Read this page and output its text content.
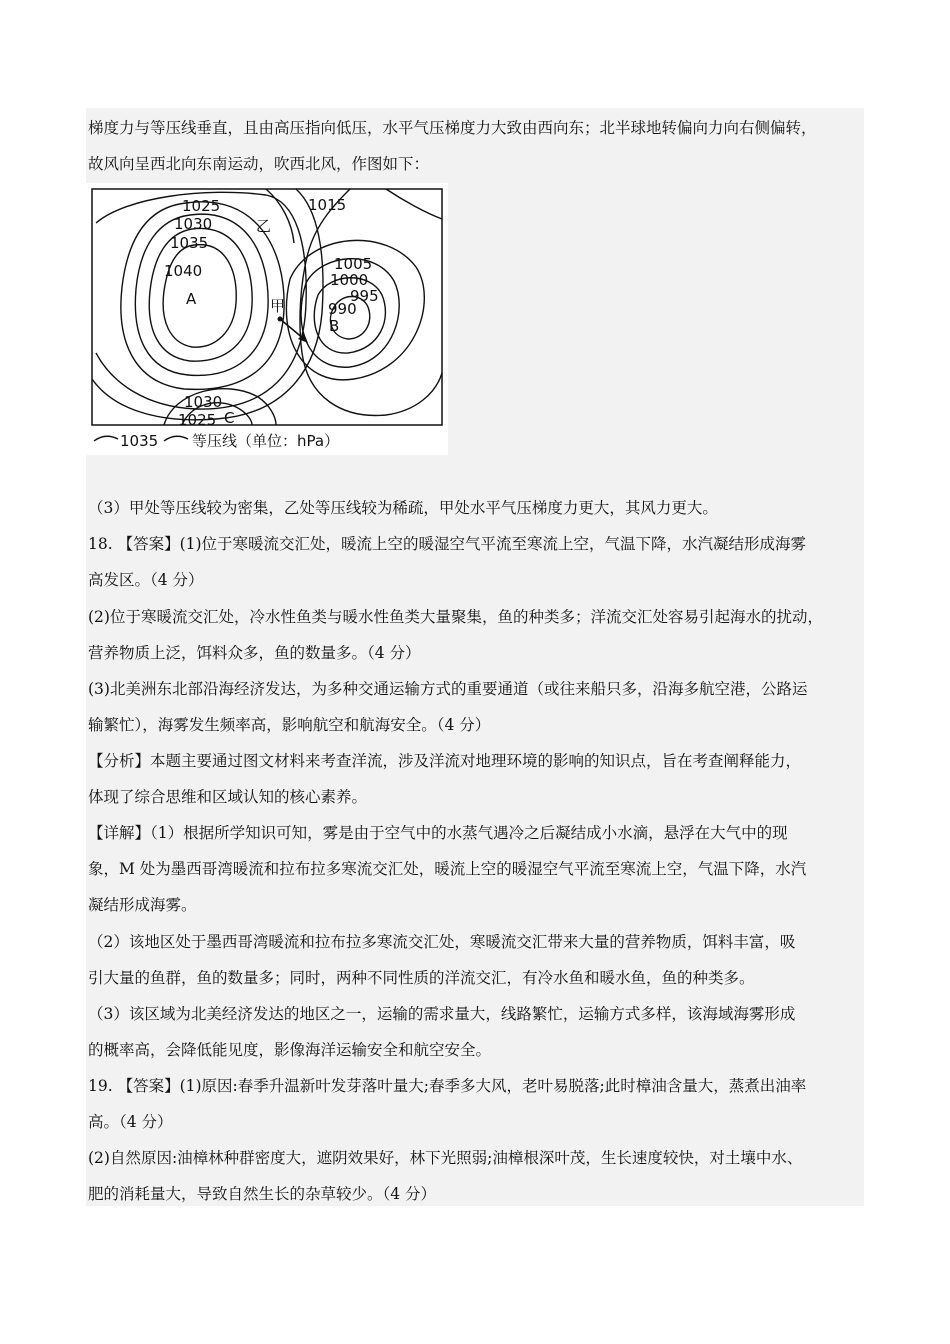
梯度力与等压线垂直，且由高压指向低压，水平气压梯度力大致由西向东；北半球地转偏向力向右侧偏转，
故风向呈西北向东南运动，吹西北风，作图如下：
1025
1030
1035
1040
1015
1005
1000
995
990
1030
1025
A
B
C
乙
甲
1035 等压线（单位：hPa）
（3）甲处等压线较为密集，乙处等压线较为稀疏，甲处水平气压梯度力更大，其风力更大。
18. 【答案】(1)位于寒暖流交汇处，暖流上空的暖湿空气平流至寒流上空，气温下降，水汽凝结形成海雾
高发区。（4 分）
(2)位于寒暖流交汇处，冷水性鱼类与暖水性鱼类大量聚集，鱼的种类多；洋流交汇处容易引起海水的扰动，
营养物质上泛，饵料众多，鱼的数量多。（4 分）
(3)北美洲东北部沿海经济发达，为多种交通运输方式的重要通道（或往来船只多，沿海多航空港，公路运
输繁忙），海雾发生频率高，影响航空和航海安全。（4 分）
【分析】本题主要通过图文材料来考查洋流，涉及洋流对地理环境的影响的知识点，旨在考查阐释能力，
体现了综合思维和区域认知的核心素养。
【详解】（1）根据所学知识可知，雾是由于空气中的水蒸气遇冷之后凝结成小水滴，悬浮在大气中的现
象，M 处为墨西哥湾暖流和拉布拉多寒流交汇处，暖流上空的暖湿空气平流至寒流上空，气温下降，水汽
凝结形成海雾。
（2）该地区处于墨西哥湾暖流和拉布拉多寒流交汇处，寒暖流交汇带来大量的营养物质，饵料丰富，吸
引大量的鱼群，鱼的数量多；同时，两种不同性质的洋流交汇，有冷水鱼和暖水鱼，鱼的种类多。
（3）该区域为北美经济发达的地区之一，运输的需求量大，线路繁忙，运输方式多样，该海域海雾形成
的概率高，会降低能见度，影像海洋运输安全和航空安全。
19. 【答案】(1)原因:春季升温新叶发芽落叶量大;春季多大风，老叶易脱落;此时樟油含量大，蒸煮出油率
高。（4 分）
(2)自然原因:油樟林种群密度大，遮阴效果好，林下光照弱;油樟根深叶茂，生长速度较快，对土壤中水、
肥的消耗量大，导致自然生长的杂草较少。（4 分）
